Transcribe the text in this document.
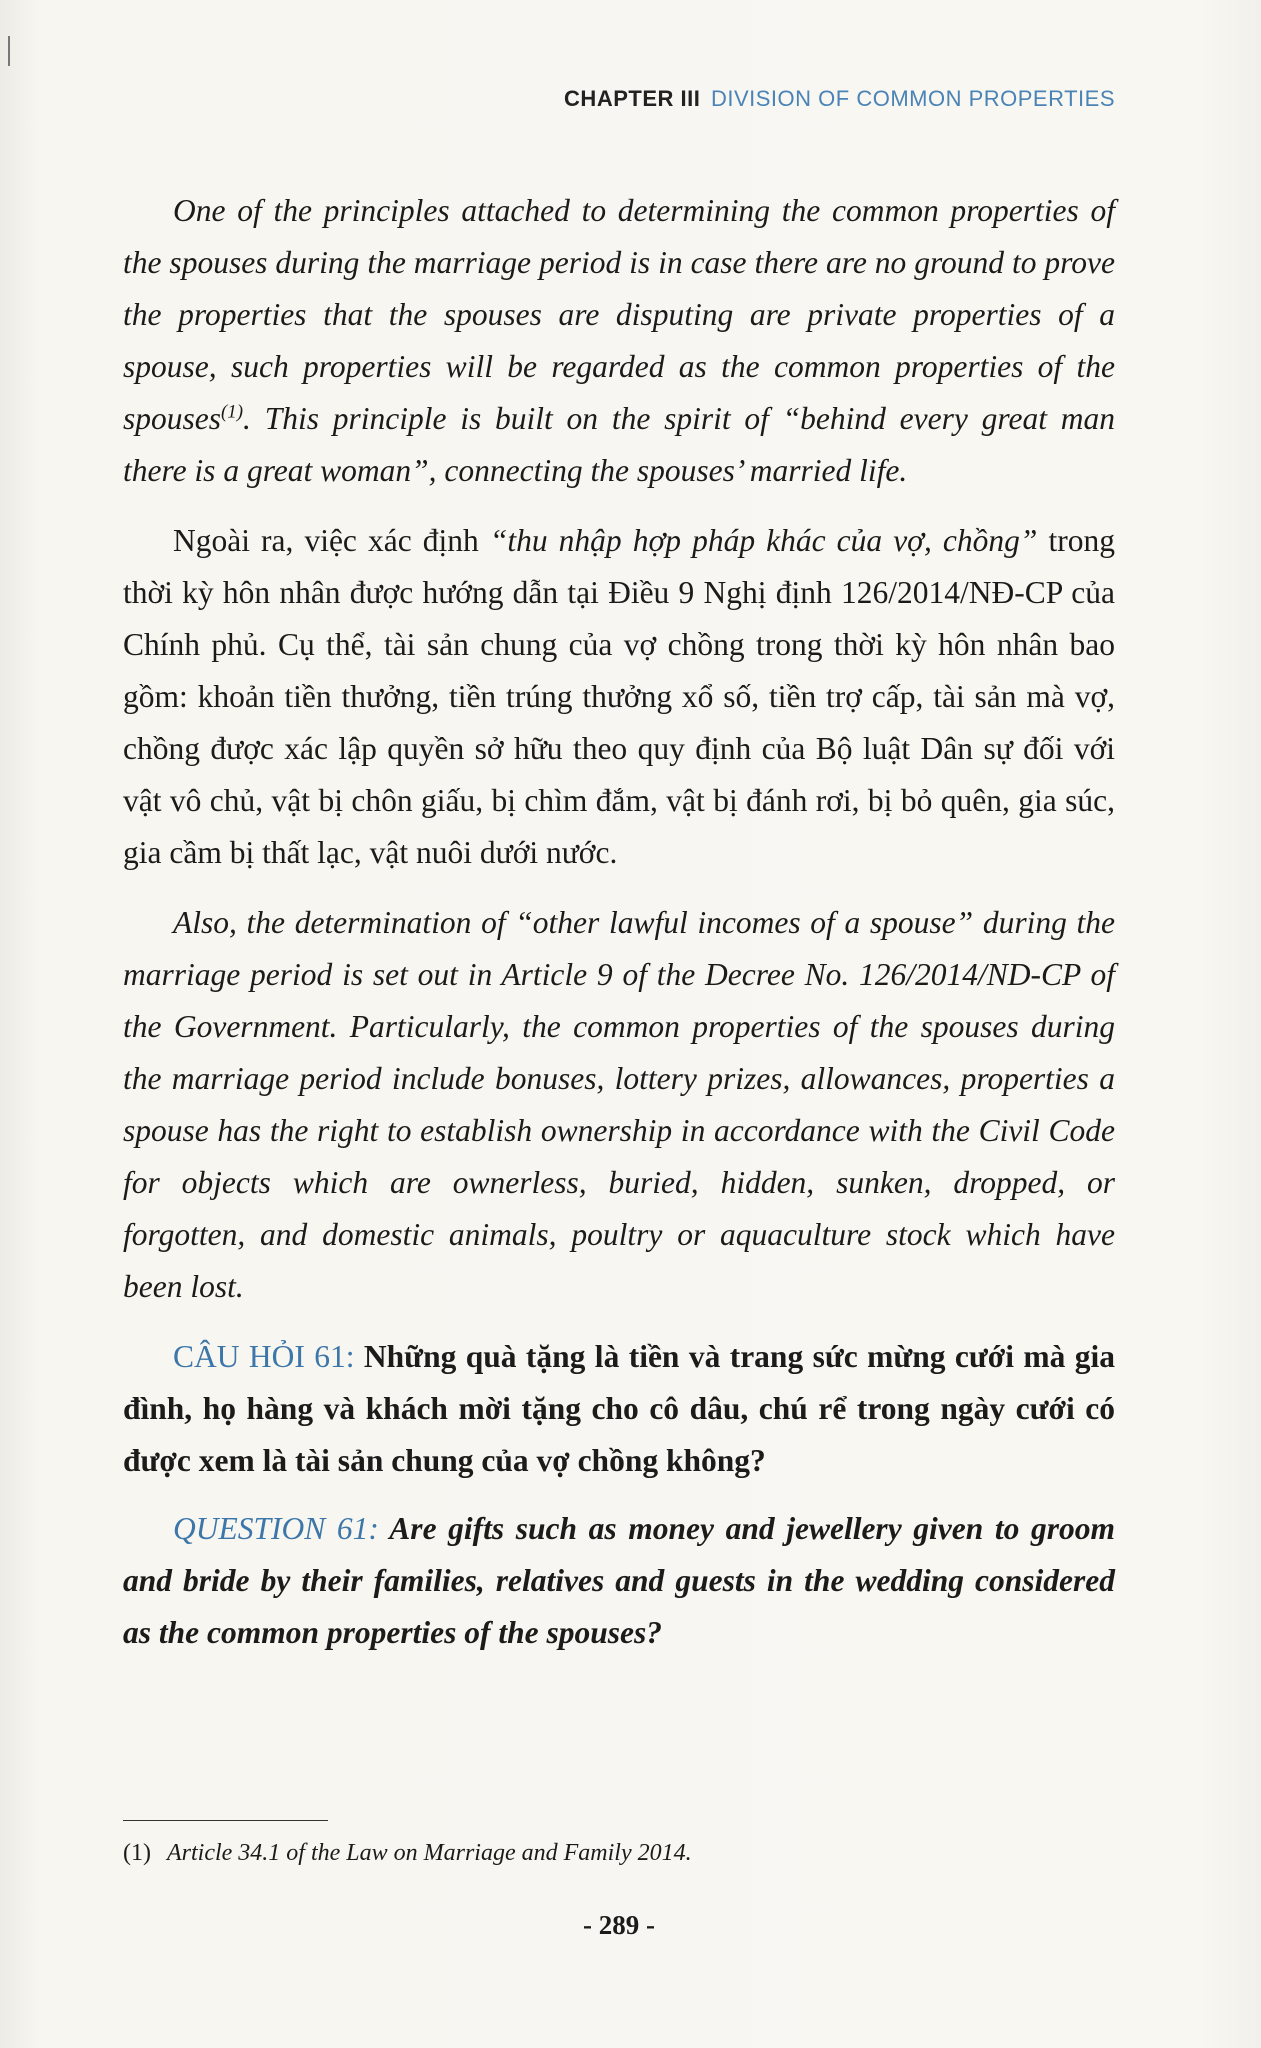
CHAPTER III DIVISION OF COMMON PROPERTIES

One of the principles attached to determining the common properties of the spouses during the marriage period is in case there are no ground to prove the properties that the spouses are disputing are private properties of a spouse, such properties will be regarded as the common properties of the spouses$^{(1)}$. This principle is built on the spirit of “behind every great man there is a great woman”, connecting the spouses’ married life.

Ngoài ra, việc xác định “thu nhập hợp pháp khác của vợ, chồng” trong thời kỳ hôn nhân được hướng dẫn tại Điều 9 Nghị định 126/2014/NĐ-CP của Chính phủ. Cụ thể, tài sản chung của vợ chồng trong thời kỳ hôn nhân bao gồm: khoản tiền thưởng, tiền trúng thưởng xổ số, tiền trợ cấp, tài sản mà vợ, chồng được xác lập quyền sở hữu theo quy định của Bộ luật Dân sự đối với vật vô chủ, vật bị chôn giấu, bị chìm đắm, vật bị đánh rơi, bị bỏ quên, gia súc, gia cầm bị thất lạc, vật nuôi dưới nước.

Also, the determination of “other lawful incomes of a spouse” during the marriage period is set out in Article 9 of the Decree No. 126/2014/ND-CP of the Government. Particularly, the common properties of the spouses during the marriage period include bonuses, lottery prizes, allowances, properties a spouse has the right to establish ownership in accordance with the Civil Code for objects which are ownerless, buried, hidden, sunken, dropped, or forgotten, and domestic animals, poultry or aquaculture stock which have been lost.

CÂU HỎI 61: Những quà tặng là tiền và trang sức mừng cưới mà gia đình, họ hàng và khách mời tặng cho cô dâu, chú rể trong ngày cưới có được xem là tài sản chung của vợ chồng không?

QUESTION 61: Are gifts such as money and jewellery given to groom and bride by their families, relatives and guests in the wedding considered as the common properties of the spouses?

(1) Article 34.1 of the Law on Marriage and Family 2014.
- 289 -
